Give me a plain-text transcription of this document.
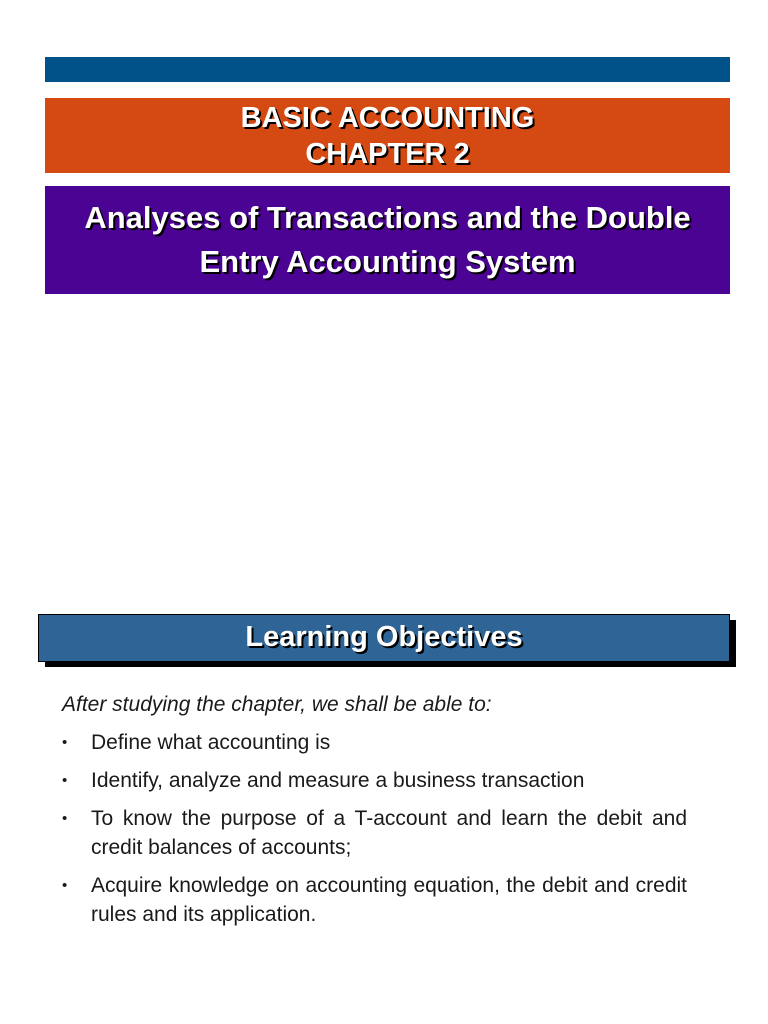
BASIC ACCOUNTING
CHAPTER 2
Analyses of Transactions and the Double
Entry Accounting System
Learning Objectives
After studying the chapter, we shall be able to:
• Define what accounting is
• Identify, analyze and measure a business transaction
• To know the purpose of a T-account and learn the debit and credit balances of accounts;
• Acquire knowledge on accounting equation, the debit and credit rules and its application.
